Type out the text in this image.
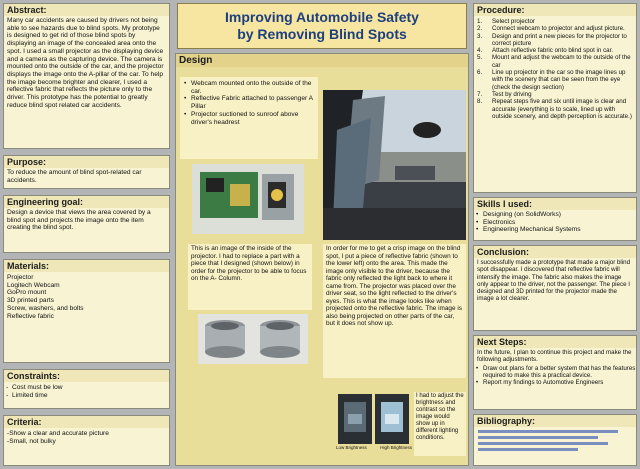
Abstract:
Many car accidents are caused by drivers not being able to see hazards due to blind spots. My prototype is designed to get rid of those blind spots by displaying an image of the concealed area onto the spot. I used a small projector as the displaying device and a camera as the capturing device. The camera is mounted onto the outside of the car, and the projector displays the image onto the A-pillar of the car. To help the image become brighter and clearer, I used a reflective fabric that reflects the picture only to the driver. This prototype has the potential to greatly reduce blind spot related car accidents.
Purpose:
To reduce the amount of blind spot-related car accidents.
Engineering goal:
Design a device that views the area covered by a blind spot and projects the image onto the item creating the blind spot.
Materials:
Projector
Logitech Webcam
GoPro mount
3D printed parts
Screw, washers, and bolts
Reflective fabric
Constraints:
- Cost must be low
- Limited time
Criteria:
-Show a clear and accurate picture
-Small, not bulky
Improving Automobile Safety
by Removing Blind Spots
Design
• Webcam mounted onto the outside of the car.
• Reflective Fabric attached to passenger A Pillar
• Projector suctioned to sunroof above driver's headrest
This is an image of the inside of the projector. I had to replace a part with a piece that I designed (shown below) in order for the projector to be able to focus on the A- Column.
In order for me to get a crisp image on the blind spot, I put a piece of reflective fabric (shown to the lower left) onto the area. This made the image only visible to the driver, because the fabric only reflected the light back to where it came from. The projector was placed over the driver seat, so the light reflected to the driver's eyes. This is what the image looks like when projected onto the reflective fabric. The image is also being projected on other parts of the car, but it does not show up.
Low Brightness	High Brightness
I had to adjust the brightness and contrast so the image would show up in different lighting conditions.
Procedure:
1. Select projector
2. Connect webcam to projector and adjust picture.
3. Design and print a new pieces for the projector to correct picture
4. Attach reflective fabric onto blind spot in car.
5. Mount and adjust the webcam to the outside of the car
6. Line up projector in the car so the image lines up with the scenery that can be seen from the eye (check the design section)
7. Test by driving
8. Repeat steps five and six until image is clear and accurate (everything is to scale, lined up with outside scenery, and depth perception is accurate.)
Skills I used:
• Designing (on SolidWorks)
• Electronics
• Engineering Mechanical Systems
Conclusion:
I successfully made a prototype that made a major blind spot disappear. I discovered that reflective fabric will intensify the image. The fabric also makes the image only appear to the driver, not the passenger. The piece I designed and 3D printed for the projector made the image a lot clearer.
Next Steps:
In the future, I plan to continue this project and make the following adjustments.
• Draw out plans for a better system that has the features required to make this a practical device.
• Report my findings to Automotive Engineers
Bibliography:
